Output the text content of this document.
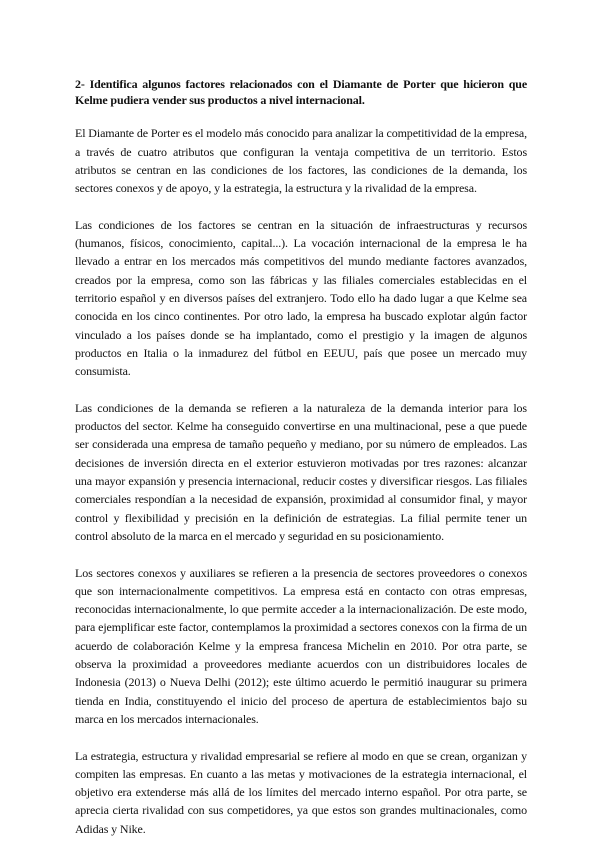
2- Identifica algunos factores relacionados con el Diamante de Porter que hicieron que Kelme pudiera vender sus productos a nivel internacional.

El Diamante de Porter es el modelo más conocido para analizar la competitividad de la empresa, a través de cuatro atributos que configuran la ventaja competitiva de un territorio. Estos atributos se centran en las condiciones de los factores, las condiciones de la demanda, los sectores conexos y de apoyo, y la estrategia, la estructura y la rivalidad de la empresa.

Las condiciones de los factores se centran en la situación de infraestructuras y recursos (humanos, físicos, conocimiento, capital...). La vocación internacional de la empresa le ha llevado a entrar en los mercados más competitivos del mundo mediante factores avanzados, creados por la empresa, como son las fábricas y las filiales comerciales establecidas en el territorio español y en diversos países del extranjero. Todo ello ha dado lugar a que Kelme sea conocida en los cinco continentes. Por otro lado, la empresa ha buscado explotar algún factor vinculado a los países donde se ha implantado, como el prestigio y la imagen de algunos productos en Italia o la inmadurez del fútbol en EEUU, país que posee un mercado muy consumista.

Las condiciones de la demanda se refieren a la naturaleza de la demanda interior para los productos del sector. Kelme ha conseguido convertirse en una multinacional, pese a que puede ser considerada una empresa de tamaño pequeño y mediano, por su número de empleados. Las decisiones de inversión directa en el exterior estuvieron motivadas por tres razones: alcanzar una mayor expansión y presencia internacional, reducir costes y diversificar riesgos. Las filiales comerciales respondían a la necesidad de expansión, proximidad al consumidor final, y mayor control y flexibilidad y precisión en la definición de estrategias. La filial permite tener un control absoluto de la marca en el mercado y seguridad en su posicionamiento.

Los sectores conexos y auxiliares se refieren a la presencia de sectores proveedores o conexos que son internacionalmente competitivos. La empresa está en contacto con otras empresas, reconocidas internacionalmente, lo que permite acceder a la internacionalización. De este modo, para ejemplificar este factor, contemplamos la proximidad a sectores conexos con la firma de un acuerdo de colaboración Kelme y la empresa francesa Michelin en 2010. Por otra parte, se observa la proximidad a proveedores mediante acuerdos con un distribuidores locales de Indonesia (2013) o Nueva Delhi (2012); este último acuerdo le permitió inaugurar su primera tienda en India, constituyendo el inicio del proceso de apertura de establecimientos bajo su marca en los mercados internacionales.

La estrategia, estructura y rivalidad empresarial se refiere al modo en que se crean, organizan y compiten las empresas. En cuanto a las metas y motivaciones de la estrategia internacional, el objetivo era extenderse más allá de los límites del mercado interno español. Por otra parte, se aprecia cierta rivalidad con sus competidores, ya que estos son grandes multinacionales, como Adidas y Nike.
